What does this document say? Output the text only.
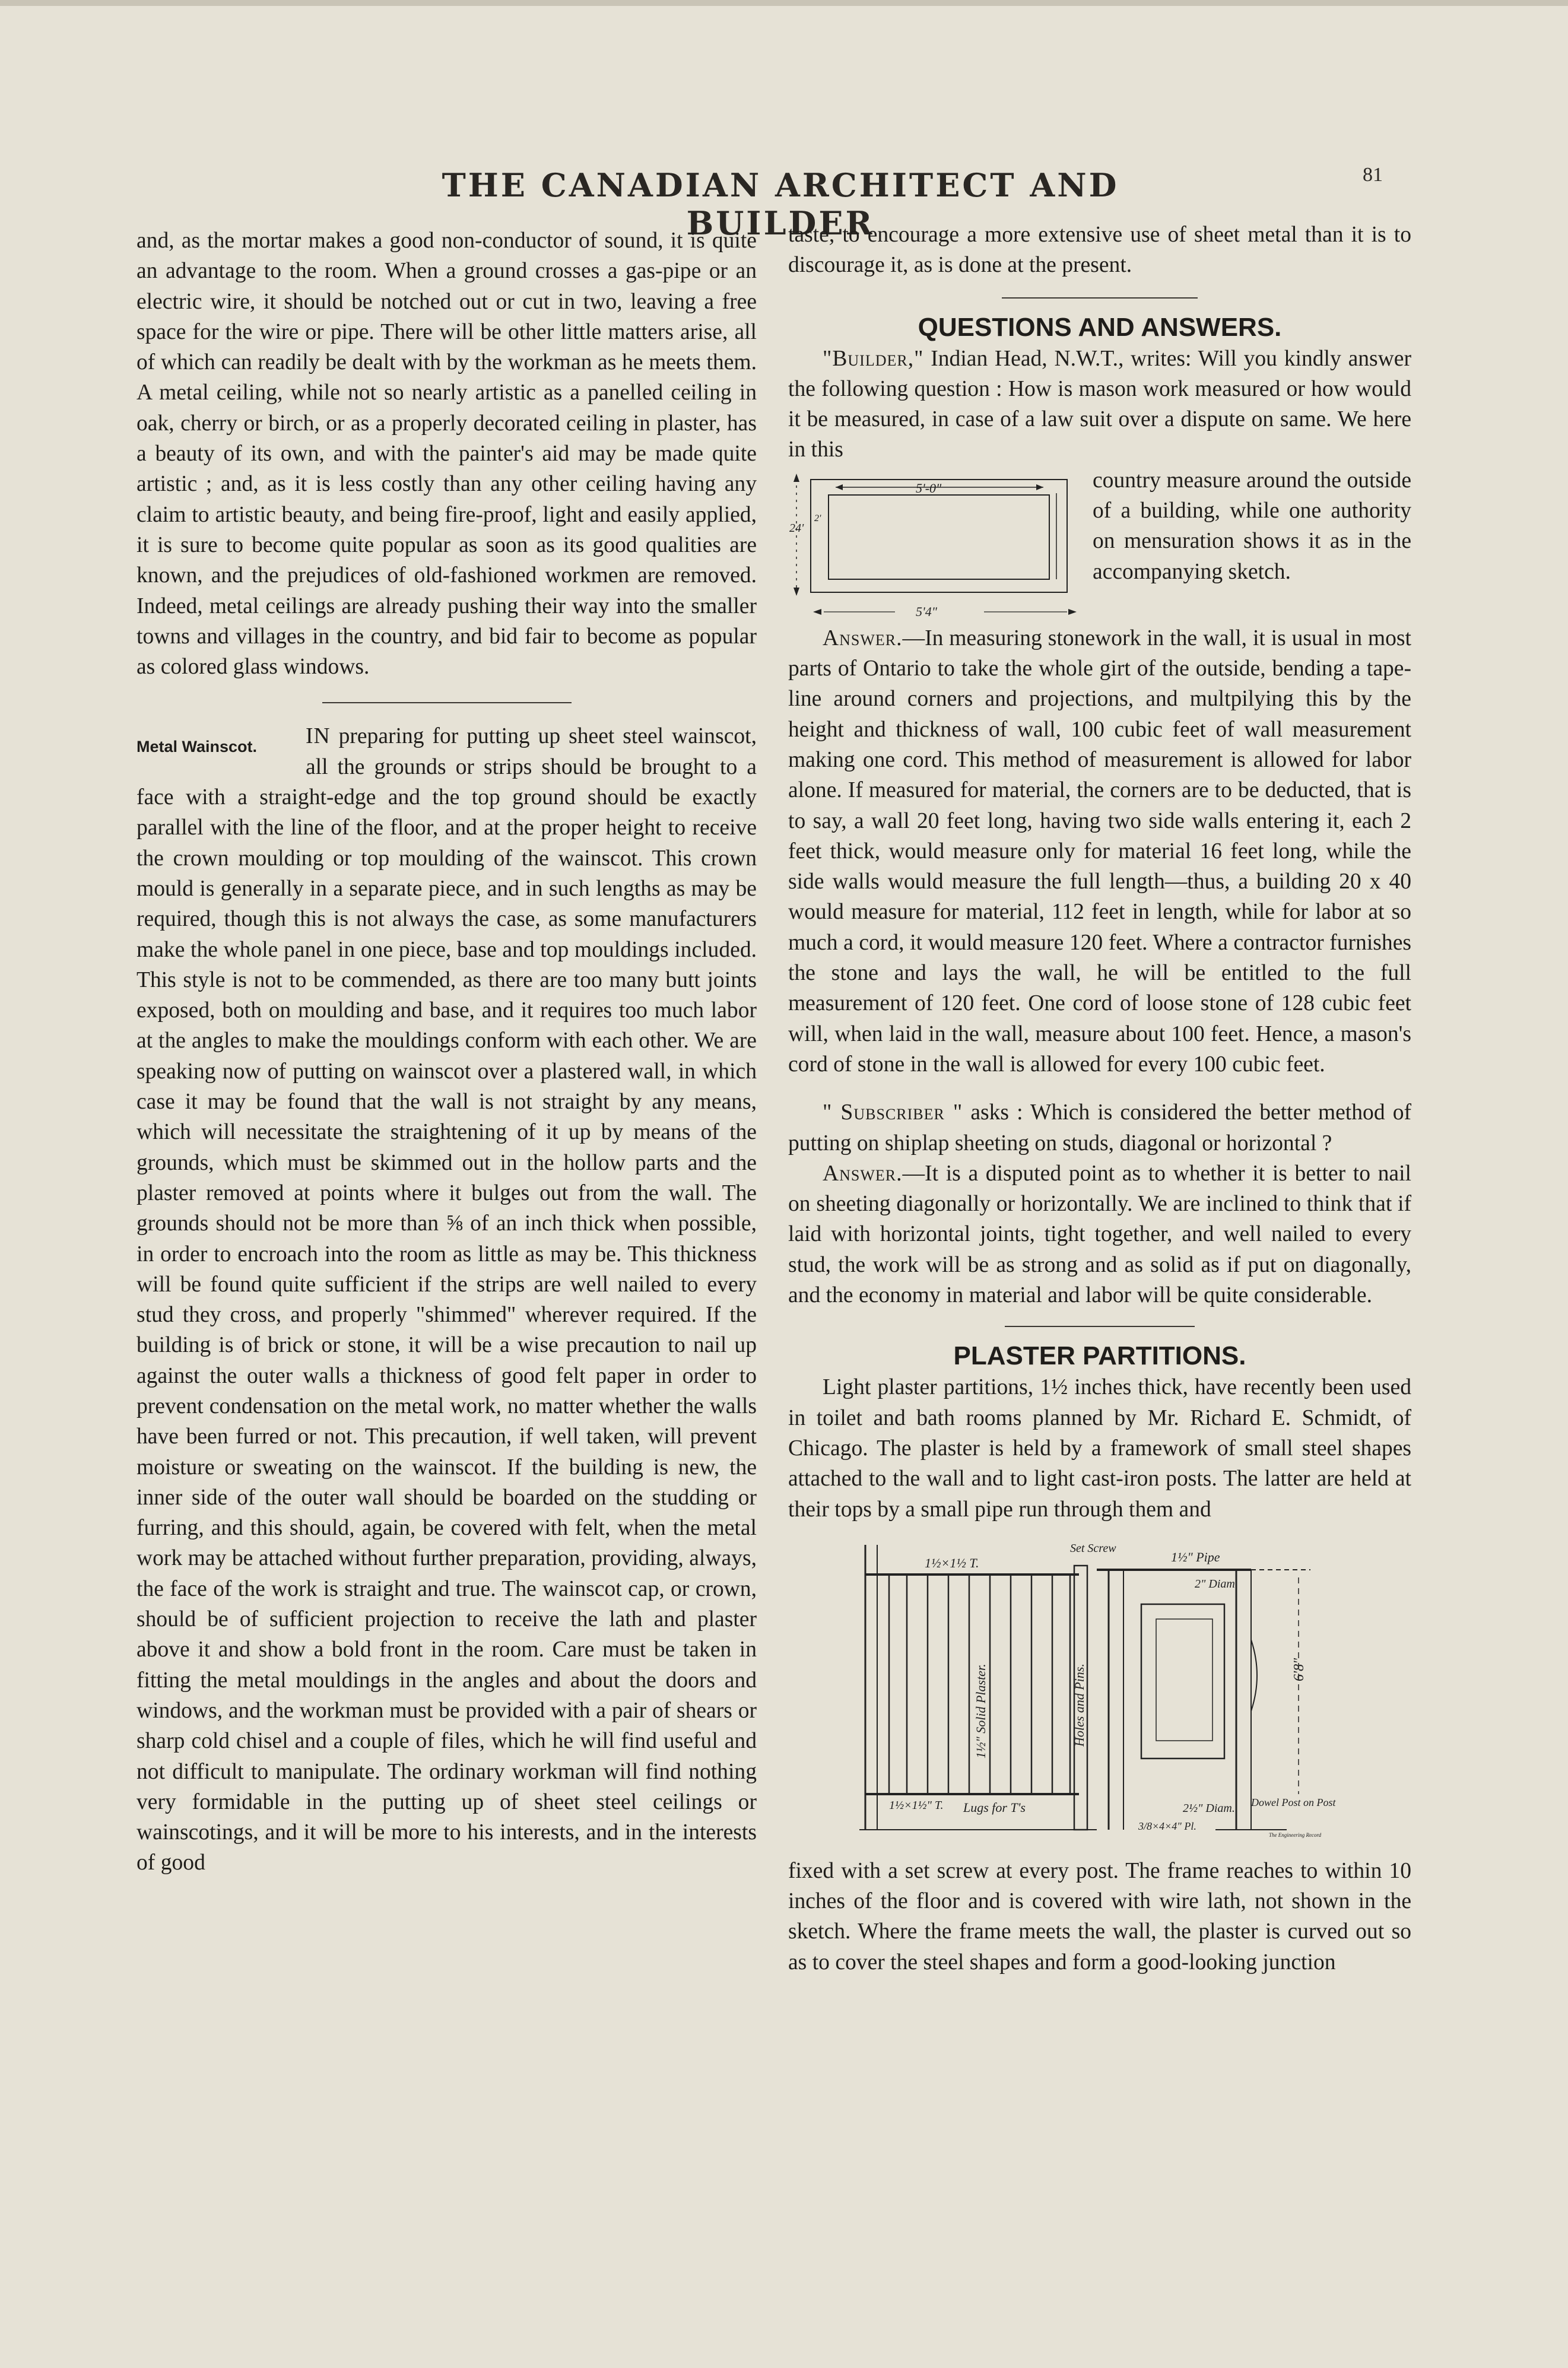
THE CANADIAN ARCHITECT AND BUILDER
81

and, as the mortar makes a good non-conductor of sound, it is quite an advantage to the room. When a ground crosses a gas-pipe or an electric wire, it should be notched out or cut in two, leaving a free space for the wire or pipe. There will be other little matters arise, all of which can readily be dealt with by the workman as he meets them. A metal ceiling, while not so nearly artistic as a panelled ceiling in oak, cherry or birch, or as a properly decorated ceiling in plaster, has a beauty of its own, and with the painter's aid may be made quite artistic ; and, as it is less costly than any other ceiling having any claim to artistic beauty, and being fire-proof, light and easily applied, it is sure to become quite popular as soon as its good qualities are known, and the prejudices of old-fashioned workmen are removed. Indeed, metal ceilings are already pushing their way into the smaller towns and villages in the country, and bid fair to become as popular as colored glass windows.

Metal Wainscot.	IN preparing for putting up sheet steel wainscot, all the grounds or strips should be brought to a face with a straight-edge and the top ground should be exactly parallel with the line of the floor, and at the proper height to receive the crown moulding or top moulding of the wainscot. This crown mould is generally in a separate piece, and in such lengths as may be required, though this is not always the case, as some manufacturers make the whole panel in one piece, base and top mouldings included. This style is not to be commended, as there are too many butt joints exposed, both on moulding and base, and it requires too much labor at the angles to make the mouldings conform with each other. We are speaking now of putting on wainscot over a plastered wall, in which case it may be found that the wall is not straight by any means, which will necessitate the straightening of it up by means of the grounds, which must be skimmed out in the hollow parts and the plaster removed at points where it bulges out from the wall. The grounds should not be more than ⅝ of an inch thick when possible, in order to encroach into the room as little as may be. This thickness will be found quite sufficient if the strips are well nailed to every stud they cross, and properly "shimmed" wherever required. If the building is of brick or stone, it will be a wise precaution to nail up against the outer walls a thickness of good felt paper in order to prevent condensation on the metal work, no matter whether the walls have been furred or not. This precaution, if well taken, will prevent moisture or sweating on the wainscot. If the building is new, the inner side of the outer wall should be boarded on the studding or furring, and this should, again, be covered with felt, when the metal work may be attached without further preparation, providing, always, the face of the work is straight and true. The wainscot cap, or crown, should be of sufficient projection to receive the lath and plaster above it and show a bold front in the room. Care must be taken in fitting the metal mouldings in the angles and about the doors and windows, and the workman must be provided with a pair of shears or sharp cold chisel and a couple of files, which he will find useful and not difficult to manipulate. The ordinary workman will find nothing very formidable in the putting up of sheet steel ceilings or wainscotings, and it will be more to his interests, and in the interests of good

taste, to encourage a more extensive use of sheet metal than it is to discourage it, as is done at the present.

QUESTIONS AND ANSWERS.

"Builder," Indian Head, N.W.T., writes: Will you kindly answer the following question : How is mason work measured or how would it be measured, in case of a law suit over a dispute on same. We here in this

5'-0"
24'
2'
5'4"

country measure around the outside of a building, while one authority on mensuration shows it as in the accompanying sketch.

Answer.—In measuring stonework in the wall, it is usual in most parts of Ontario to take the whole girt of the outside, bending a tape-line around corners and projections, and multpilying this by the height and thickness of wall, 100 cubic feet of wall measurement making one cord. This method of measurement is allowed for labor alone. If measured for material, the corners are to be deducted, that is to say, a wall 20 feet long, having two side walls entering it, each 2 feet thick, would measure only for material 16 feet long, while the side walls would measure the full length—thus, a building 20 x 40 would measure for material, 112 feet in length, while for labor at so much a cord, it would measure 120 feet. Where a contractor furnishes the stone and lays the wall, he will be entitled to the full measurement of 120 feet. One cord of loose stone of 128 cubic feet will, when laid in the wall, measure about 100 feet. Hence, a mason's cord of stone in the wall is allowed for every 100 cubic feet.

" Subscriber " asks : Which is considered the better method of putting on shiplap sheeting on studs, diagonal or horizontal ?

Answer.—It is a disputed point as to whether it is better to nail on sheeting diagonally or horizontally. We are inclined to think that if laid with horizontal joints, tight together, and well nailed to every stud, the work will be as strong and as solid as if put on diagonally, and the economy in material and labor will be quite considerable.

PLASTER PARTITIONS.

Light plaster partitions, 1½ inches thick, have recently been used in toilet and bath rooms planned by Mr. Richard E. Schmidt, of Chicago. The plaster is held by a framework of small steel shapes attached to the wall and to light cast-iron posts. The latter are held at their tops by a small pipe run through them and

1½×1½ T.
Set Screw
1½×1½" T. Lugs for T's
1½" Solid Plaster.	Holes and Pins.
1½" Pipe
2" Diam.
6'8"
2½" Diam. Dowel Post on Post
3/8×4×4" Pl.
The Engineering Record

fixed with a set screw at every post. The frame reaches to within 10 inches of the floor and is covered with wire lath, not shown in the sketch. Where the frame meets the wall, the plaster is curved out so as to cover the steel shapes and form a good-looking junction
